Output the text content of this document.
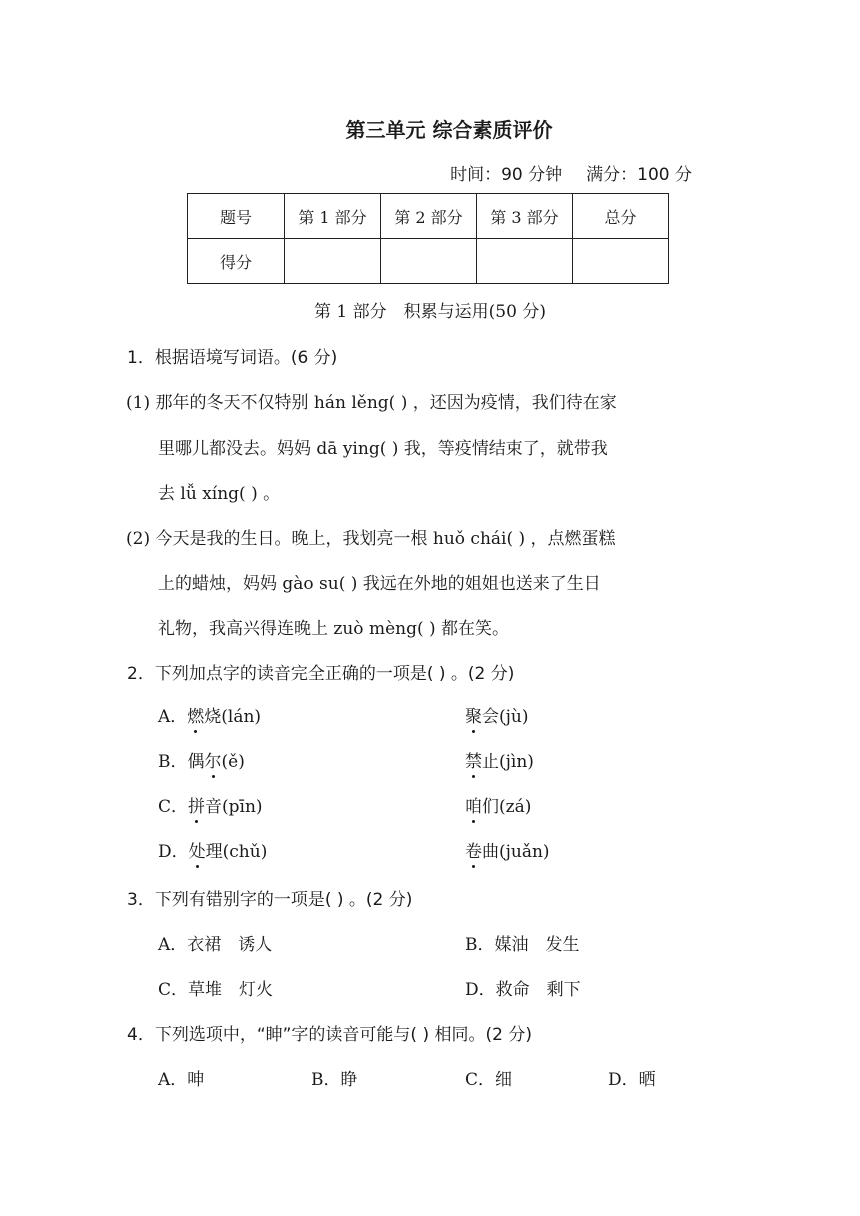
第三单元 综合素质评价
时间：90 分钟 满分：100 分
题号	第 1 部分	第 2 部分	第 3 部分	总分
得分				
第 1 部分　积累与运用(50 分)
1．根据语境写词语。(6 分)
(1) 那年的冬天不仅特别 hán lěng( ) ，还因为疫情，我们待在家
里哪儿都没去。妈妈 dā ying( ) 我，等疫情结束了，就带我
去 lǚ xíng( ) 。
(2) 今天是我的生日。晚上，我划亮一根 huǒ chái( ) ，点燃蛋糕
上的蜡烛，妈妈 gào su( ) 我远在外地的姐姐也送来了生日
礼物，我高兴得连晚上 zuò mèng( ) 都在笑。
2．下列加点字的读音完全正确的一项是( ) 。(2 分)
A．燃烧(lán)	聚会(jù)
B．偶尔(ě)	禁止(jìn)
C．拼音(pīn)	咱们(zá)
D．处理(chǔ)	卷曲(juǎn)
3．下列有错别字的一项是( ) 。(2 分)
A．衣裙　诱人	B．媒油　发生
C．草堆　灯火	D．救命　剩下
4．下列选项中，“眒”字的读音可能与( ) 相同。(2 分)
A．呻	B．睁	C．细	D．晒
